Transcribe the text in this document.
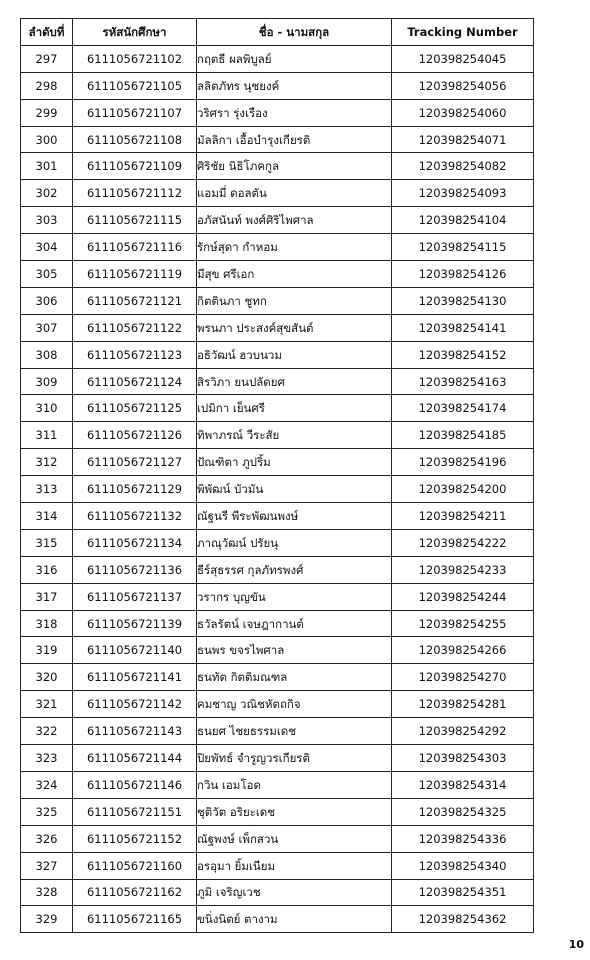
ลำดับที่	รหัสนักศึกษา	ชื่อ - นามสกุล	Tracking Number
297	6111056721102	กฤตธี ผลพิบูลย์	120398254045
298	6111056721105	ลลิตภัทร นุชยงค์	120398254056
299	6111056721107	วริศรา รุ่งเรือง	120398254060
300	6111056721108	มัลลิกา เอื้อบำรุงเกียรติ	120398254071
301	6111056721109	ศิริชัย นิธิโภคกูล	120398254082
302	6111056721112	แอมมี่ ดอลตัน	120398254093
303	6111056721115	อภัสนันท์ พงศ์ศิริไพศาล	120398254104
304	6111056721116	รักษ์สุดา กำหอม	120398254115
305	6111056721119	มีสุข ศรีเอก	120398254126
306	6111056721121	กิตตินภา ชูทก	120398254130
307	6111056721122	พรนภา ประสงค์สุขสันต์	120398254141
308	6111056721123	อธิวัฒน์ ฮวบนวม	120398254152
309	6111056721124	สิรวิภา ยนปลัดยศ	120398254163
310	6111056721125	เปมิกา เย็นศรี	120398254174
311	6111056721126	ทิพาภรณ์ วีระสัย	120398254185
312	6111056721127	ปัณฑิตา ภูปริ้ม	120398254196
313	6111056721129	พิพัฒน์ บัวมัน	120398254200
314	6111056721132	ณัฐนรี พีระพัฒนพงษ์	120398254211
315	6111056721134	ภาณุวัฒน์ ปรัยนุ	120398254222
316	6111056721136	ธีร์สุธรรศ กุลภัทรพงศ์	120398254233
317	6111056721137	วรากร บุญขัน	120398254244
318	6111056721139	ธวัลรัตน์ เจษฎากานต์	120398254255
319	6111056721140	ธนพร ขจรไพศาล	120398254266
320	6111056721141	ธนทัต กิตติมณฑล	120398254270
321	6111056721142	คมชาญ วณิชหัตถกิจ	120398254281
322	6111056721143	ธนยศ ไชยธรรมเดช	120398254292
323	6111056721144	ปิยพัทธ์ จำรูญวรเกียรติ	120398254303
324	6111056721146	กวิน เอมโอด	120398254314
325	6111056721151	ชุติวัต อริยะเดช	120398254325
326	6111056721152	ณัฐพงษ์ เพ็กสวน	120398254336
327	6111056721160	อรอุมา ยิ้มเนียม	120398254340
328	6111056721162	ภูมิ เจริญเวช	120398254351
329	6111056721165	ขนิ่งนิตย์ ตางาม	120398254362
10
